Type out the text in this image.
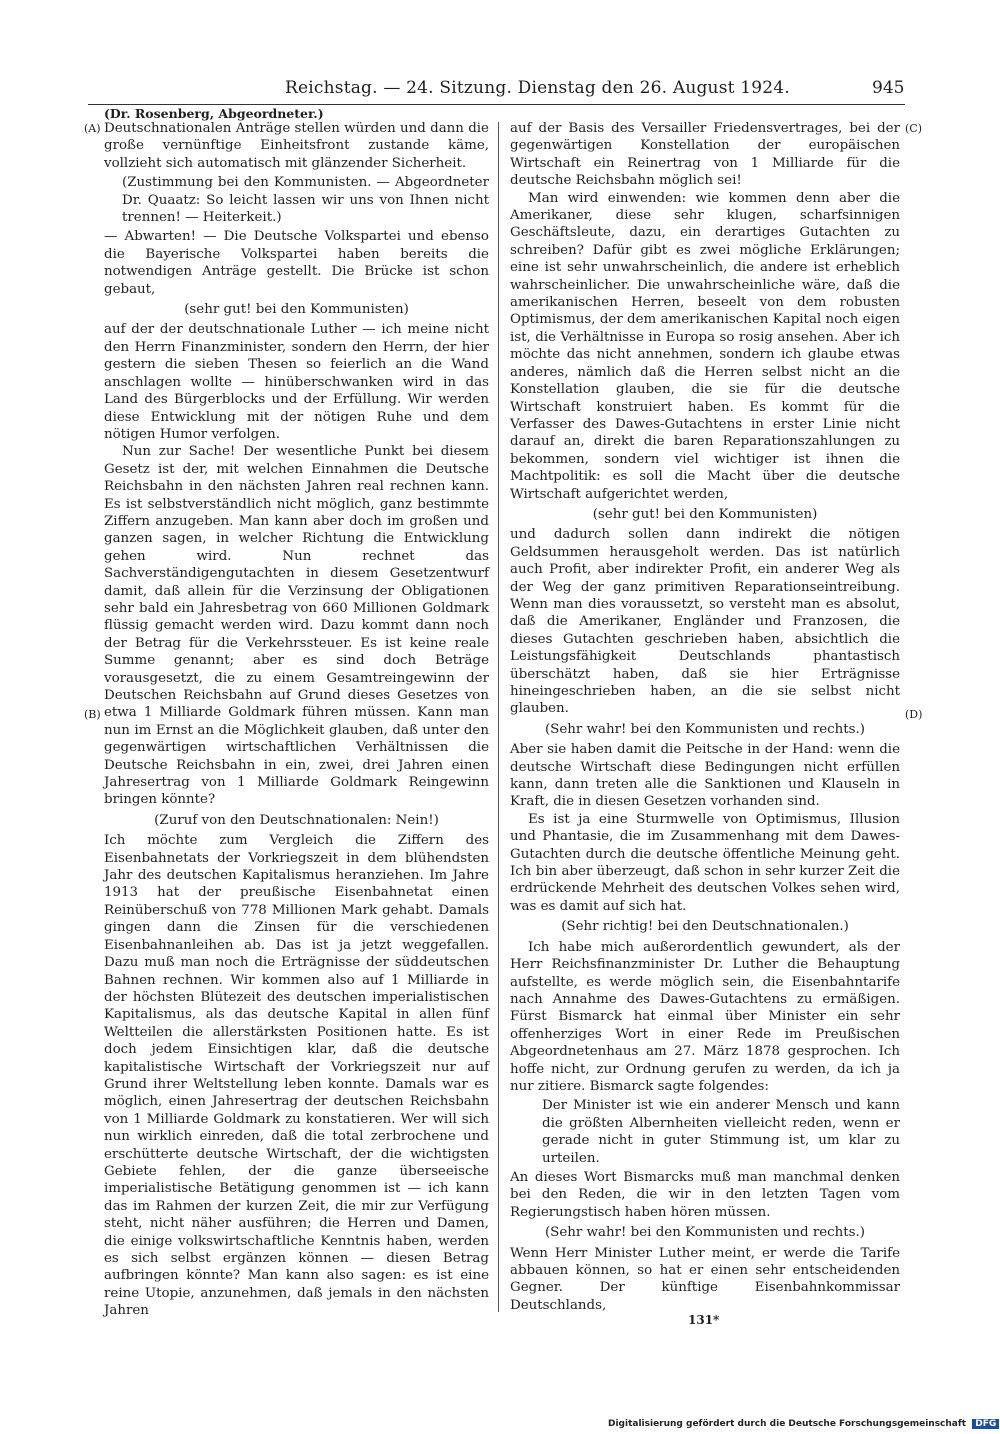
Reichstag. — 24. Sitzung. Dienstag den 26. August 1924.	945
(Dr. Rosenberg, Abgeordneter.)
(A)
(B)
(C)
(D)

Deutschnationalen Anträge stellen würden und dann die große vernünftige Einheitsfront zustande käme, vollzieht sich automatisch mit glänzender Sicherheit.

(Zustimmung bei den Kommunisten. — Abgeordneter Dr. Quaatz: So leicht lassen wir uns von Ihnen nicht trennen! — Heiterkeit.)

— Abwarten! — Die Deutsche Volkspartei und ebenso die Bayerische Volkspartei haben bereits die notwendigen Anträge gestellt. Die Brücke ist schon gebaut,

(sehr gut! bei den Kommunisten)

auf der der deutschnationale Luther — ich meine nicht den Herrn Finanzminister, sondern den Herrn, der hier gestern die sieben Thesen so feierlich an die Wand anschlagen wollte — hinüberschwanken wird in das Land des Bürgerblocks und der Erfüllung. Wir werden diese Entwicklung mit der nötigen Ruhe und dem nötigen Humor verfolgen.

Nun zur Sache! Der wesentliche Punkt bei diesem Gesetz ist der, mit welchen Einnahmen die Deutsche Reichsbahn in den nächsten Jahren real rechnen kann. Es ist selbstverständlich nicht möglich, ganz bestimmte Ziffern anzugeben. Man kann aber doch im großen und ganzen sagen, in welcher Richtung die Entwicklung gehen wird. Nun rechnet das Sachverständigengutachten in diesem Gesetzentwurf damit, daß allein für die Verzinsung der Obligationen sehr bald ein Jahresbetrag von 660 Millionen Goldmark flüssig gemacht werden wird. Dazu kommt dann noch der Betrag für die Verkehrssteuer. Es ist keine reale Summe genannt; aber es sind doch Beträge vorausgesetzt, die zu einem Gesamtreingewinn der Deutschen Reichsbahn auf Grund dieses Gesetzes von etwa 1 Milliarde Goldmark führen müssen. Kann man nun im Ernst an die Möglichkeit glauben, daß unter den gegenwärtigen wirtschaftlichen Verhältnissen die Deutsche Reichsbahn in ein, zwei, drei Jahren einen Jahresertrag von 1 Milliarde Goldmark Reingewinn bringen könnte?

(Zuruf von den Deutschnationalen: Nein!)

Ich möchte zum Vergleich die Ziffern des Eisenbahnetats der Vorkriegszeit in dem blühendsten Jahr des deutschen Kapitalismus heranziehen. Im Jahre 1913 hat der preußische Eisenbahnetat einen Reinüberschuß von 778 Millionen Mark gehabt. Damals gingen dann die Zinsen für die verschiedenen Eisenbahnanleihen ab. Das ist ja jetzt weggefallen. Dazu muß man noch die Erträgnisse der süddeutschen Bahnen rechnen. Wir kommen also auf 1 Milliarde in der höchsten Blütezeit des deutschen imperialistischen Kapitalismus, als das deutsche Kapital in allen fünf Weltteilen die allerstärksten Positionen hatte. Es ist doch jedem Einsichtigen klar, daß die deutsche kapitalistische Wirtschaft der Vorkriegszeit nur auf Grund ihrer Weltstellung leben konnte. Damals war es möglich, einen Jahresertrag der deutschen Reichsbahn von 1 Milliarde Goldmark zu konstatieren. Wer will sich nun wirklich einreden, daß die total zerbrochene und erschütterte deutsche Wirtschaft, der die wichtigsten Gebiete fehlen, der die ganze überseeische imperialistische Betätigung genommen ist — ich kann das im Rahmen der kurzen Zeit, die mir zur Verfügung steht, nicht näher ausführen; die Herren und Damen, die einige volkswirtschaftliche Kenntnis haben, werden es sich selbst ergänzen können — diesen Betrag aufbringen könnte? Man kann also sagen: es ist eine reine Utopie, anzunehmen, daß jemals in den nächsten Jahren

auf der Basis des Versailler Friedensvertrages, bei der gegenwärtigen Konstellation der europäischen Wirtschaft ein Reinertrag von 1 Milliarde für die deutsche Reichsbahn möglich sei!

Man wird einwenden: wie kommen denn aber die Amerikaner, diese sehr klugen, scharfsinnigen Geschäftsleute, dazu, ein derartiges Gutachten zu schreiben? Dafür gibt es zwei mögliche Erklärungen; eine ist sehr unwahrscheinlich, die andere ist erheblich wahrscheinlicher. Die unwahrscheinliche wäre, daß die amerikanischen Herren, beseelt von dem robusten Optimismus, der dem amerikanischen Kapital noch eigen ist, die Verhältnisse in Europa so rosig ansehen. Aber ich möchte das nicht annehmen, sondern ich glaube etwas anderes, nämlich daß die Herren selbst nicht an die Konstellation glauben, die sie für die deutsche Wirtschaft konstruiert haben. Es kommt für die Verfasser des Dawes-Gutachtens in erster Linie nicht darauf an, direkt die baren Reparationszahlungen zu bekommen, sondern viel wichtiger ist ihnen die Machtpolitik: es soll die Macht über die deutsche Wirtschaft aufgerichtet werden,

(sehr gut! bei den Kommunisten)

und dadurch sollen dann indirekt die nötigen Geldsummen herausgeholt werden. Das ist natürlich auch Profit, aber indirekter Profit, ein anderer Weg als der Weg der ganz primitiven Reparationseintreibung. Wenn man dies voraussetzt, so versteht man es absolut, daß die Amerikaner, Engländer und Franzosen, die dieses Gutachten geschrieben haben, absichtlich die Leistungsfähigkeit Deutschlands phantastisch überschätzt haben, daß sie hier Erträgnisse hineingeschrieben haben, an die sie selbst nicht glauben.

(Sehr wahr! bei den Kommunisten und rechts.)

Aber sie haben damit die Peitsche in der Hand: wenn die deutsche Wirtschaft diese Bedingungen nicht erfüllen kann, dann treten alle die Sanktionen und Klauseln in Kraft, die in diesen Gesetzen vorhanden sind.

Es ist ja eine Sturmwelle von Optimismus, Illusion und Phantasie, die im Zusammenhang mit dem Dawes-Gutachten durch die deutsche öffentliche Meinung geht. Ich bin aber überzeugt, daß schon in sehr kurzer Zeit die erdrückende Mehrheit des deutschen Volkes sehen wird, was es damit auf sich hat.

(Sehr richtig! bei den Deutschnationalen.)

Ich habe mich außerordentlich gewundert, als der Herr Reichsfinanzminister Dr. Luther die Behauptung aufstellte, es werde möglich sein, die Eisenbahntarife nach Annahme des Dawes-Gutachtens zu ermäßigen. Fürst Bismarck hat einmal über Minister ein sehr offenherziges Wort in einer Rede im Preußischen Abgeordnetenhaus am 27. März 1878 gesprochen. Ich hoffe nicht, zur Ordnung gerufen zu werden, da ich ja nur zitiere. Bismarck sagte folgendes:

Der Minister ist wie ein anderer Mensch und kann die größten Albernheiten vielleicht reden, wenn er gerade nicht in guter Stimmung ist, um klar zu urteilen.

An dieses Wort Bismarcks muß man manchmal denken bei den Reden, die wir in den letzten Tagen vom Regierungstisch haben hören müssen.

(Sehr wahr! bei den Kommunisten und rechts.)

Wenn Herr Minister Luther meint, er werde die Tarife abbauen können, so hat er einen sehr entscheidenden Gegner. Der künftige Eisenbahnkommissar Deutschlands,

131*
Digitalisierung gefördert durch die Deutsche Forschungsgemeinschaft DFG
